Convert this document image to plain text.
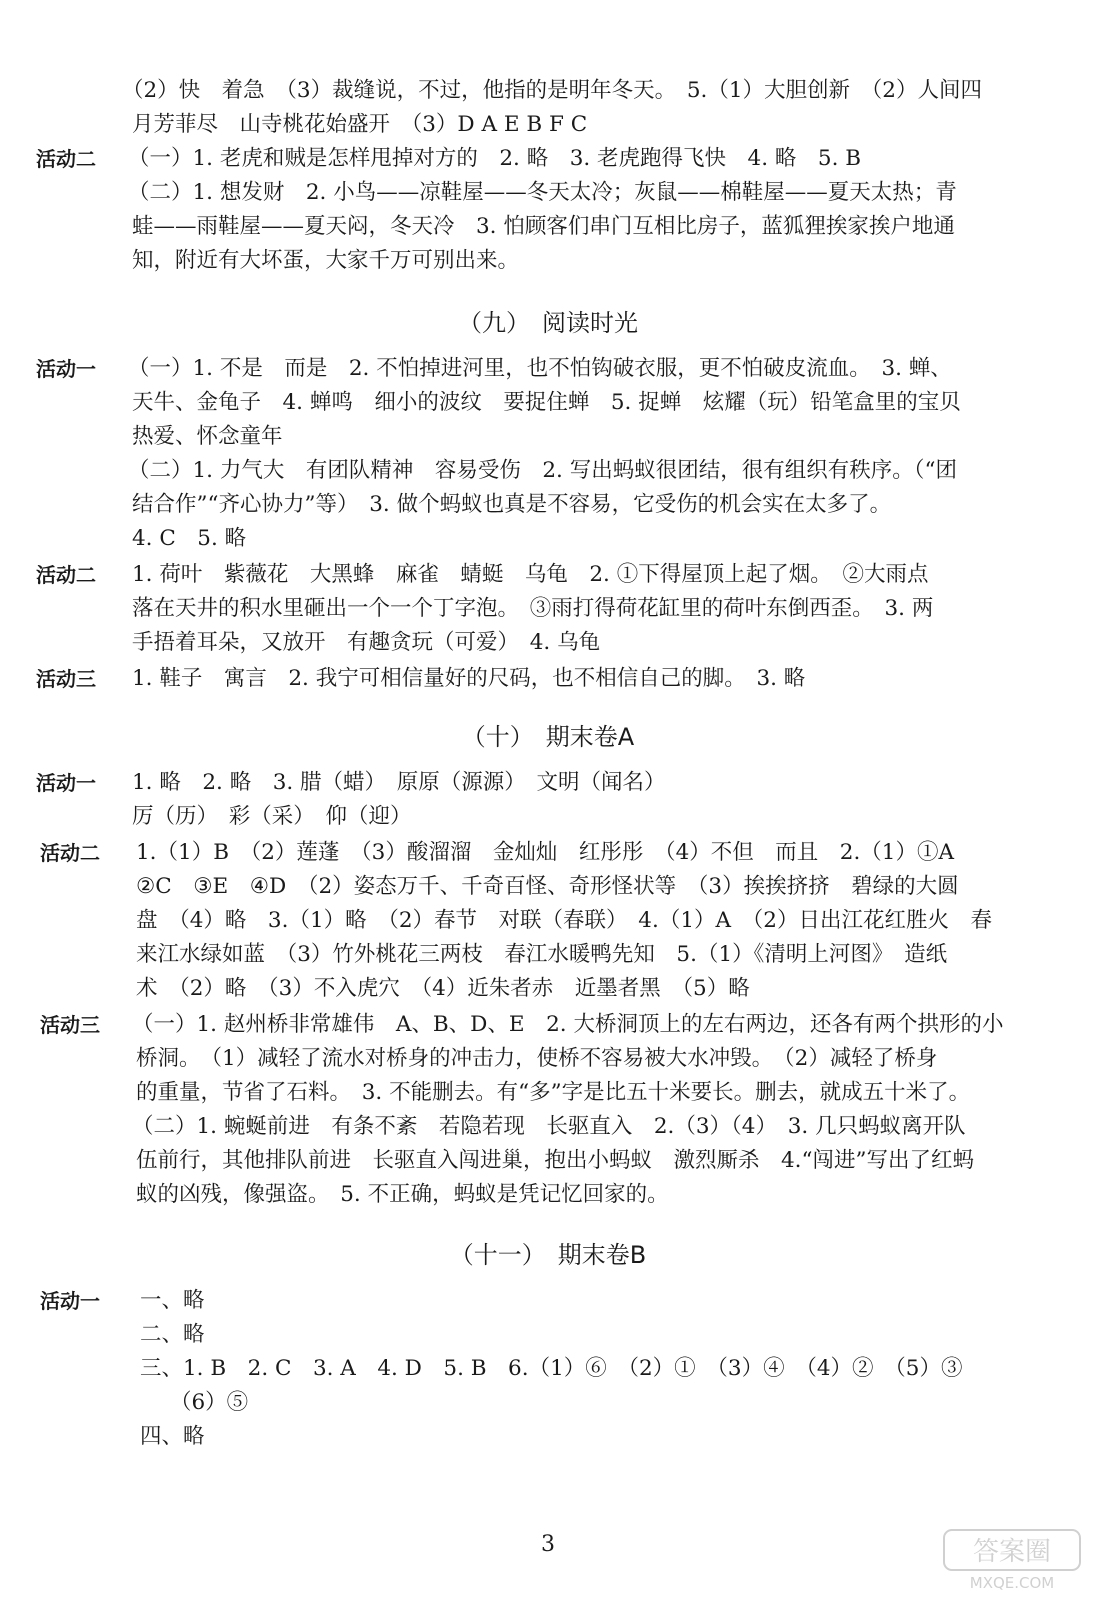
（2）快　着急　（3）裁缝说，不过，他指的是明年冬天。　5.（1）大胆创新　（2）人间四
月芳菲尽　山寺桃花始盛开　（3）D A E B F C
活动二 （一）1. 老虎和贼是怎样甩掉对方的　2. 略　3. 老虎跑得飞快　4. 略　5. B
（二）1. 想发财　2. 小鸟——凉鞋屋——冬天太冷；灰鼠——棉鞋屋——夏天太热；青
蛙——雨鞋屋——夏天闷，冬天冷　3. 怕顾客们串门互相比房子，蓝狐狸挨家挨户地通
知，附近有大坏蛋，大家千万可别出来。
（九）　阅读时光
活动一 （一）1. 不是　而是　2. 不怕掉进河里，也不怕钩破衣服，更不怕破皮流血。　3. 蝉、
天牛、金龟子　4. 蝉鸣　细小的波纹　要捉住蝉　5. 捉蝉　炫耀（玩）铅笔盒里的宝贝
热爱、怀念童年
（二）1. 力气大　有团队精神　容易受伤　2. 写出蚂蚁很团结，很有组织有秩序。（“团
结合作”“齐心协力”等）　3. 做个蚂蚁也真是不容易，它受伤的机会实在太多了。
4. C　5. 略
活动二 1. 荷叶　紫薇花　大黑蜂　麻雀　蜻蜓　乌龟　2. ①下得屋顶上起了烟。　②大雨点
落在天井的积水里砸出一个一个丁字泡。　③雨打得荷花缸里的荷叶东倒西歪。　3. 两
手捂着耳朵，又放开　有趣贪玩（可爱）　4. 乌龟
活动三 1. 鞋子　寓言　2. 我宁可相信量好的尺码，也不相信自己的脚。　3. 略
（十）　期末卷A
活动一 1. 略　2. 略　3. 腊（蜡）　原原（源源）　文明（闻名）
厉（历）　彩（采）　仰（迎）
活动二 1.（1）B　（2）莲蓬　（3）酸溜溜　金灿灿　红彤彤　（4）不但　而且　2.（1）①A
②C　③E　④D　（2）姿态万千、千奇百怪、奇形怪状等　（3）挨挨挤挤　碧绿的大圆
盘　（4）略　3.（1）略　（2）春节　对联（春联）　4.（1）A　（2）日出江花红胜火　春
来江水绿如蓝　（3）竹外桃花三两枝　春江水暖鸭先知　5.（1）《清明上河图》　造纸
术　（2）略　（3）不入虎穴　（4）近朱者赤　近墨者黑　（5）略
活动三 （一）1. 赵州桥非常雄伟　A、B、D、E　2. 大桥洞顶上的左右两边，还各有两个拱形的小
桥洞。　（1）减轻了流水对桥身的冲击力，使桥不容易被大水冲毁。　（2）减轻了桥身
的重量，节省了石料。　3. 不能删去。有“多”字是比五十米要长。删去，就成五十米了。
（二）1. 蜿蜒前进　有条不紊　若隐若现　长驱直入　2.（3）（4）　3. 几只蚂蚁离开队
伍前行，其他排队前进　长驱直入闯进巢，抱出小蚂蚁　激烈厮杀　4.“闯进”写出了红蚂
蚁的凶残，像强盗。　5. 不正确，蚂蚁是凭记忆回家的。
（十一）　期末卷B
活动一 一、略
二、略
三、1. B　2. C　3. A　4. D　5. B　6.（1）⑥　（2）①　（3）④　（4）②　（5）③
（6）⑤
四、略
3	答案圈
MXQE.COM
